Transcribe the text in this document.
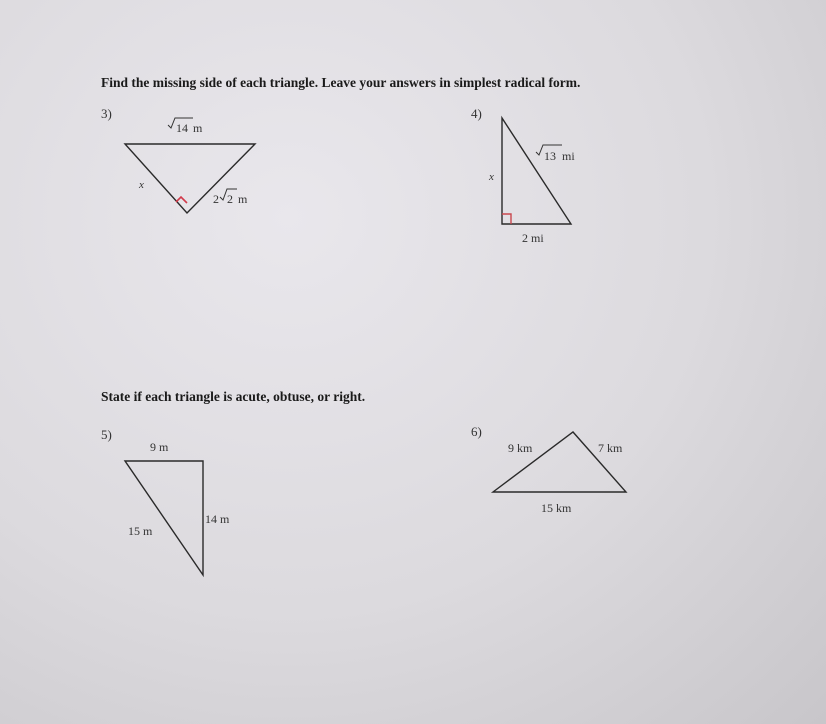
Find the missing side of each triangle. Leave your answers in simplest radical form.
3)	4)
State if each triangle is acute, obtuse, or right.
5)	6)
14 m
x
2 2 m
13 mi
x
2 mi
9 m
14 m
15 m
9 km	7 km
15 km
